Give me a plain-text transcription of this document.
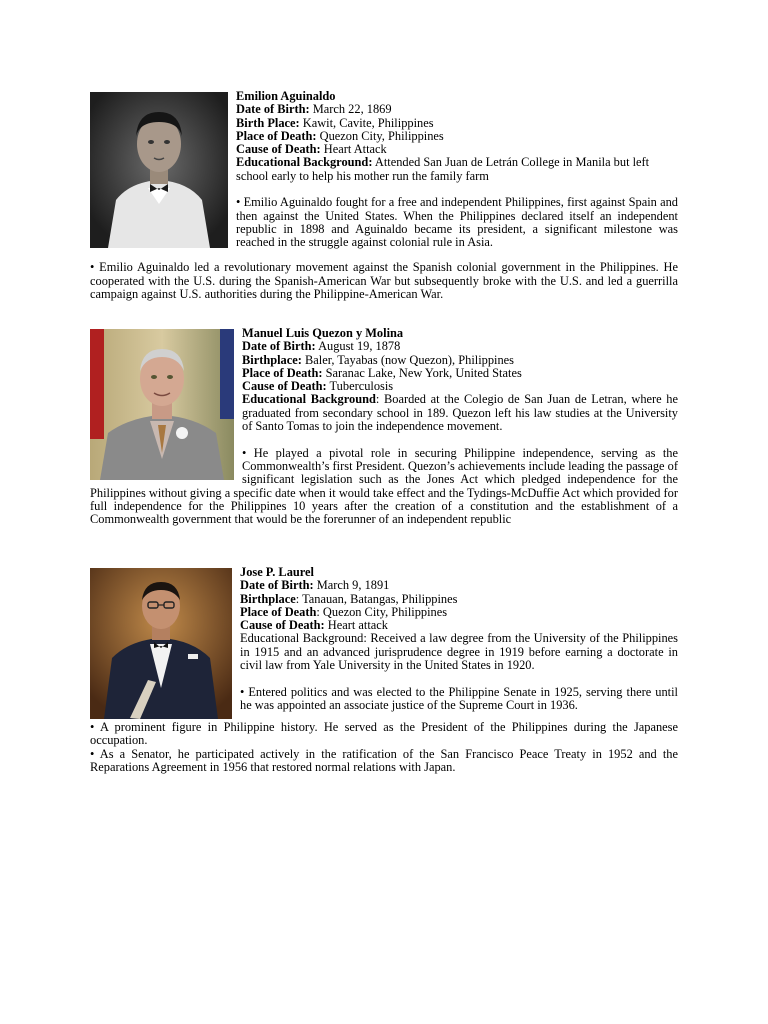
Emilion Aguinaldo

Date of Birth: March 22, 1869

Birth Place: Kawit, Cavite, Philippines

Place of Death: Quezon City, Philippines

Cause of Death: Heart Attack

Educational Background: Attended San Juan de Letrán College in Manila but left school early to help his mother run the family farm

• Emilio Aguinaldo fought for a free and independent Philippines, first against Spain and then against the United States. When the Philippines declared itself an independent republic in 1898 and Aguinaldo became its president, a significant milestone was reached in the struggle against colonial rule in Asia.

• Emilio Aguinaldo led a revolutionary movement against the Spanish colonial government in the Philippines. He cooperated with the U.S. during the Spanish-American War but subsequently broke with the U.S. and led a guerrilla campaign against U.S. authorities during the Philippine-American War.

Manuel Luis Quezon y Molina

Date of Birth: August 19, 1878

Birthplace: Baler, Tayabas (now Quezon), Philippines

Place of Death: Saranac Lake, New York, United States

Cause of Death: Tuberculosis

Educational Background: Boarded at the Colegio de San Juan de Letran, where he graduated from secondary school in 189. Quezon left his law studies at the University of Santo Tomas to join the independence movement.

• He played a pivotal role in securing Philippine independence, serving as the Commonwealth’s first President. Quezon’s achievements include leading the passage of significant legislation such as the Jones Act which pledged independence for the Philippines without giving a specific date when it would take effect and the Tydings-McDuffie Act which provided for full independence for the Philippines 10 years after the creation of a constitution and the establishment of a Commonwealth government that would be the forerunner of an independent republic

Jose P. Laurel

Date of Birth: March 9, 1891

Birthplace: Tanauan, Batangas, Philippines

Place of Death: Quezon City, Philippines

Cause of Death: Heart attack

Educational Background: Received a law degree from the University of the Philippines in 1915 and an advanced jurisprudence degree in 1919 before earning a doctorate in civil law from Yale University in the United States in 1920.

• Entered politics and was elected to the Philippine Senate in 1925, serving there until he was appointed an associate justice of the Supreme Court in 1936.

• A prominent figure in Philippine history. He served as the President of the Philippines during the Japanese occupation.

• As a Senator, he participated actively in the ratification of the San Francisco Peace Treaty in 1952 and the Reparations Agreement in 1956 that restored normal relations with Japan.
